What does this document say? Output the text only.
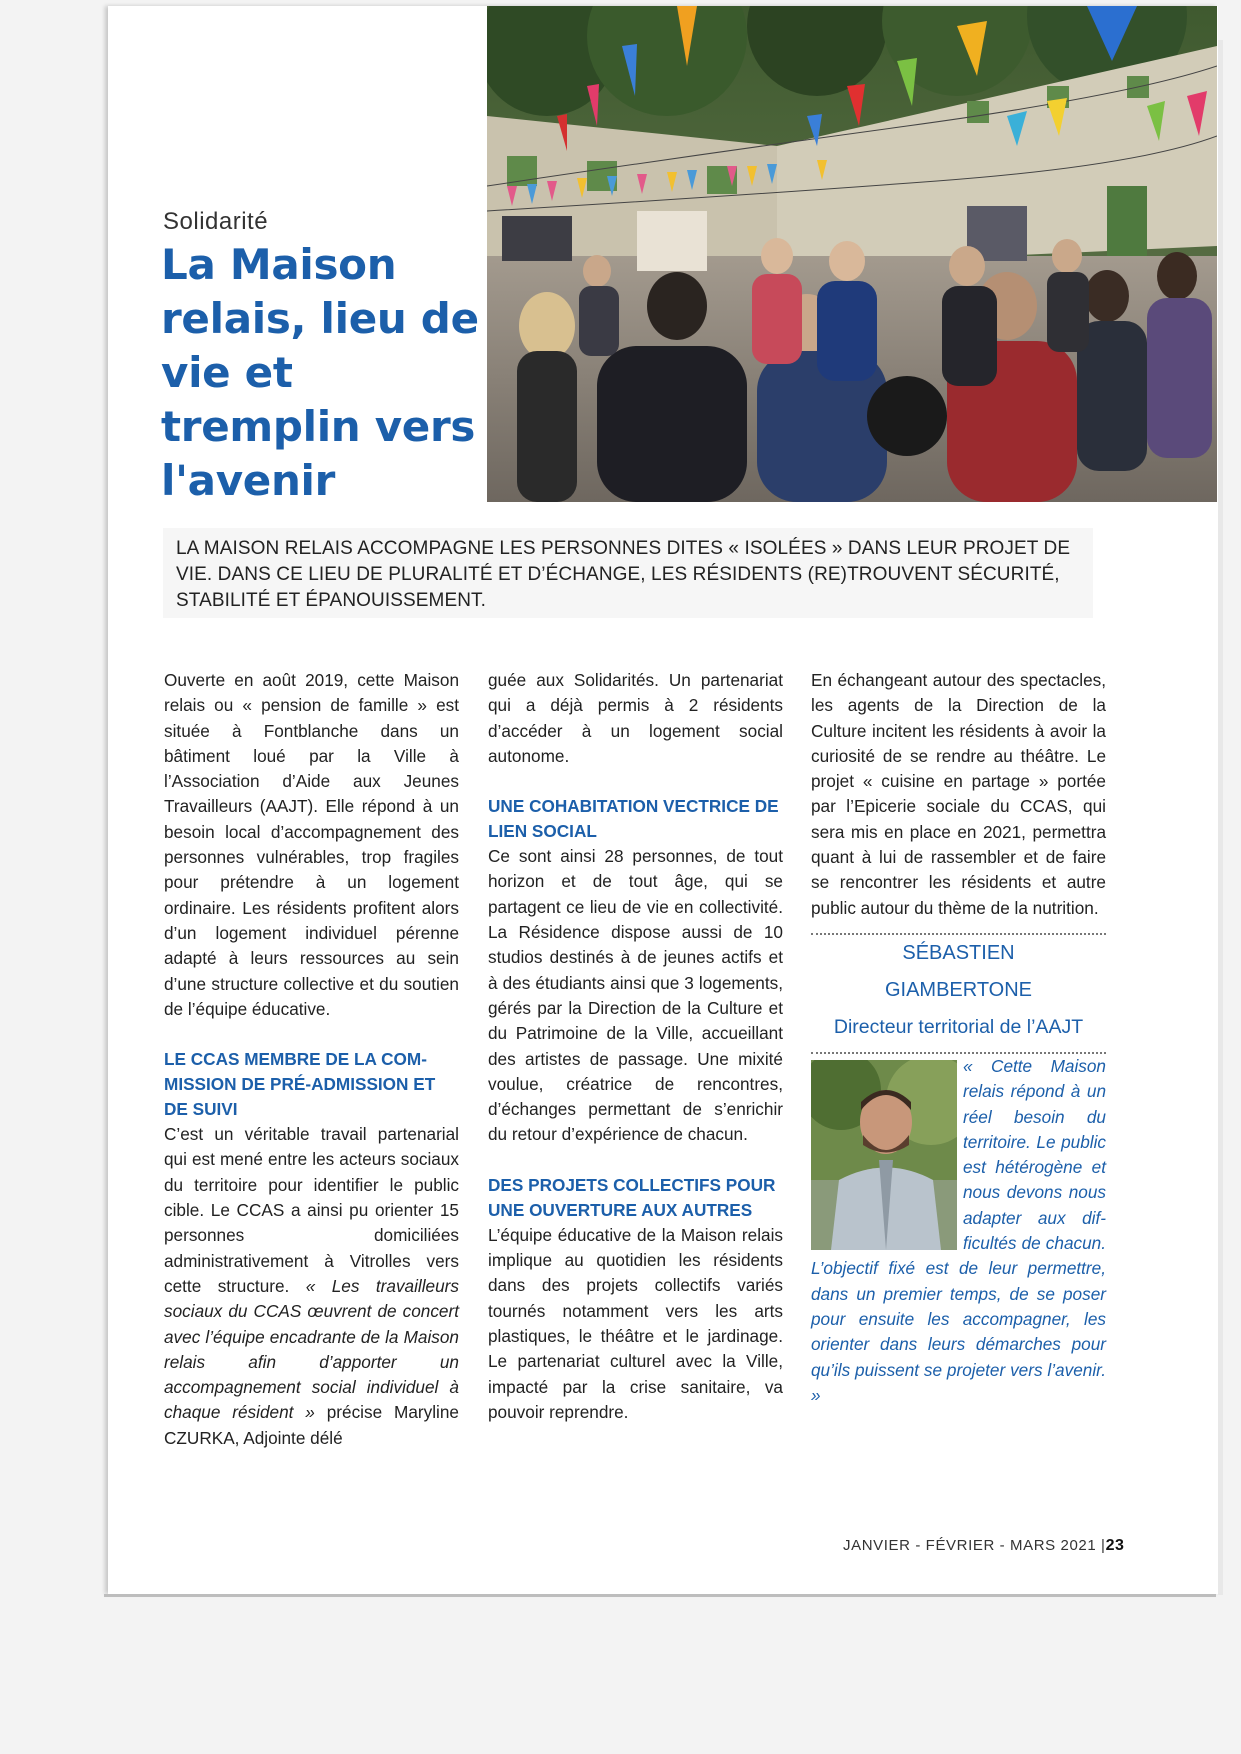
Solidarité
La Maison relais, lieu de vie et tremplin vers l'avenir
LA MAISON RELAIS ACCOMPAGNE LES PERSONNES DITES « ISOLÉES » DANS LEUR PROJET DE VIE. DANS CE LIEU DE PLURALITÉ ET D’ÉCHANGE, LES RÉSIDENTS (RE)TROUVENT SÉCURITÉ, STABILITÉ ET ÉPANOUISSEMENT.

Ouverte en août 2019, cette Maison relais ou « pension de famille » est située à Fontblanche dans un bâtiment loué par la Ville à l’Association d’Aide aux Jeunes Travailleurs (AAJT). Elle répond à un besoin local d’accompagnement des personnes vulnérables, trop fragiles pour prétendre à un logement ordinaire. Les résidents profitent alors d’un logement individuel pérenne adapté à leurs ressources au sein d’une structure collective et du soutien de l’équipe éducative.

LE CCAS MEMBRE DE LA COMMISSION DE PRÉ-ADMISSION ET DE SUIVI

C’est un véritable travail partenarial qui est mené entre les acteurs sociaux du territoire pour identifier le public cible. Le CCAS a ainsi pu orienter 15 personnes domiciliées administrativement à Vitrolles vers cette structure. « Les travailleurs sociaux du CCAS œuvrent de concert avec l’équipe encadrante de la Maison relais afin d’apporter un accompagnement social individuel à chaque résident » précise Maryline CZURKA, Adjointe délé

guée aux Solidarités. Un partenariat qui a déjà permis à 2 résidents d’accéder à un logement social autonome.

UNE COHABITATION VECTRICE DE LIEN SOCIAL

Ce sont ainsi 28 personnes, de tout horizon et de tout âge, qui se partagent ce lieu de vie en collectivité. La Résidence dispose aussi de 10 studios destinés à de jeunes actifs et à des étudiants ainsi que 3 logements, gérés par la Direction de la Culture et du Patrimoine de la Ville, accueillant des artistes de passage. Une mixité voulue, créatrice de rencontres, d’échanges permettant de s’enrichir du retour d’expérience de chacun.

DES PROJETS COLLECTIFS POUR UNE OUVERTURE AUX AUTRES

L’équipe éducative de la Maison relais implique au quotidien les résidents dans des projets collectifs variés tournés notamment vers les arts plastiques, le théâtre et le jardinage. Le partenariat culturel avec la Ville, impacté par la crise sanitaire, va pouvoir reprendre.

En échangeant autour des spectacles, les agents de la Direction de la Culture incitent les résidents à avoir la curiosité de se rendre au théâtre. Le projet « cuisine en partage » portée par l’Epicerie sociale du CCAS, qui sera mis en place en 2021, permettra quant à lui de rassembler et de faire se rencontrer les résidents et autre public autour du thème de la nutrition.

SÉBASTIEN
GIAMBERTONE
Directeur territorial de l’AAJT
« Cette Maison relais répond à un réel besoin du territoire. Le public est hétérogène et nous devons nous adapter aux difficultés de chacun. L’objectif fixé est de leur permettre, dans un premier temps, de se poser pour ensuite les accompagner, les orienter dans leurs démarches pour qu’ils puissent se projeter vers l’avenir. »
JANVIER - FÉVRIER - MARS 2021 |23
